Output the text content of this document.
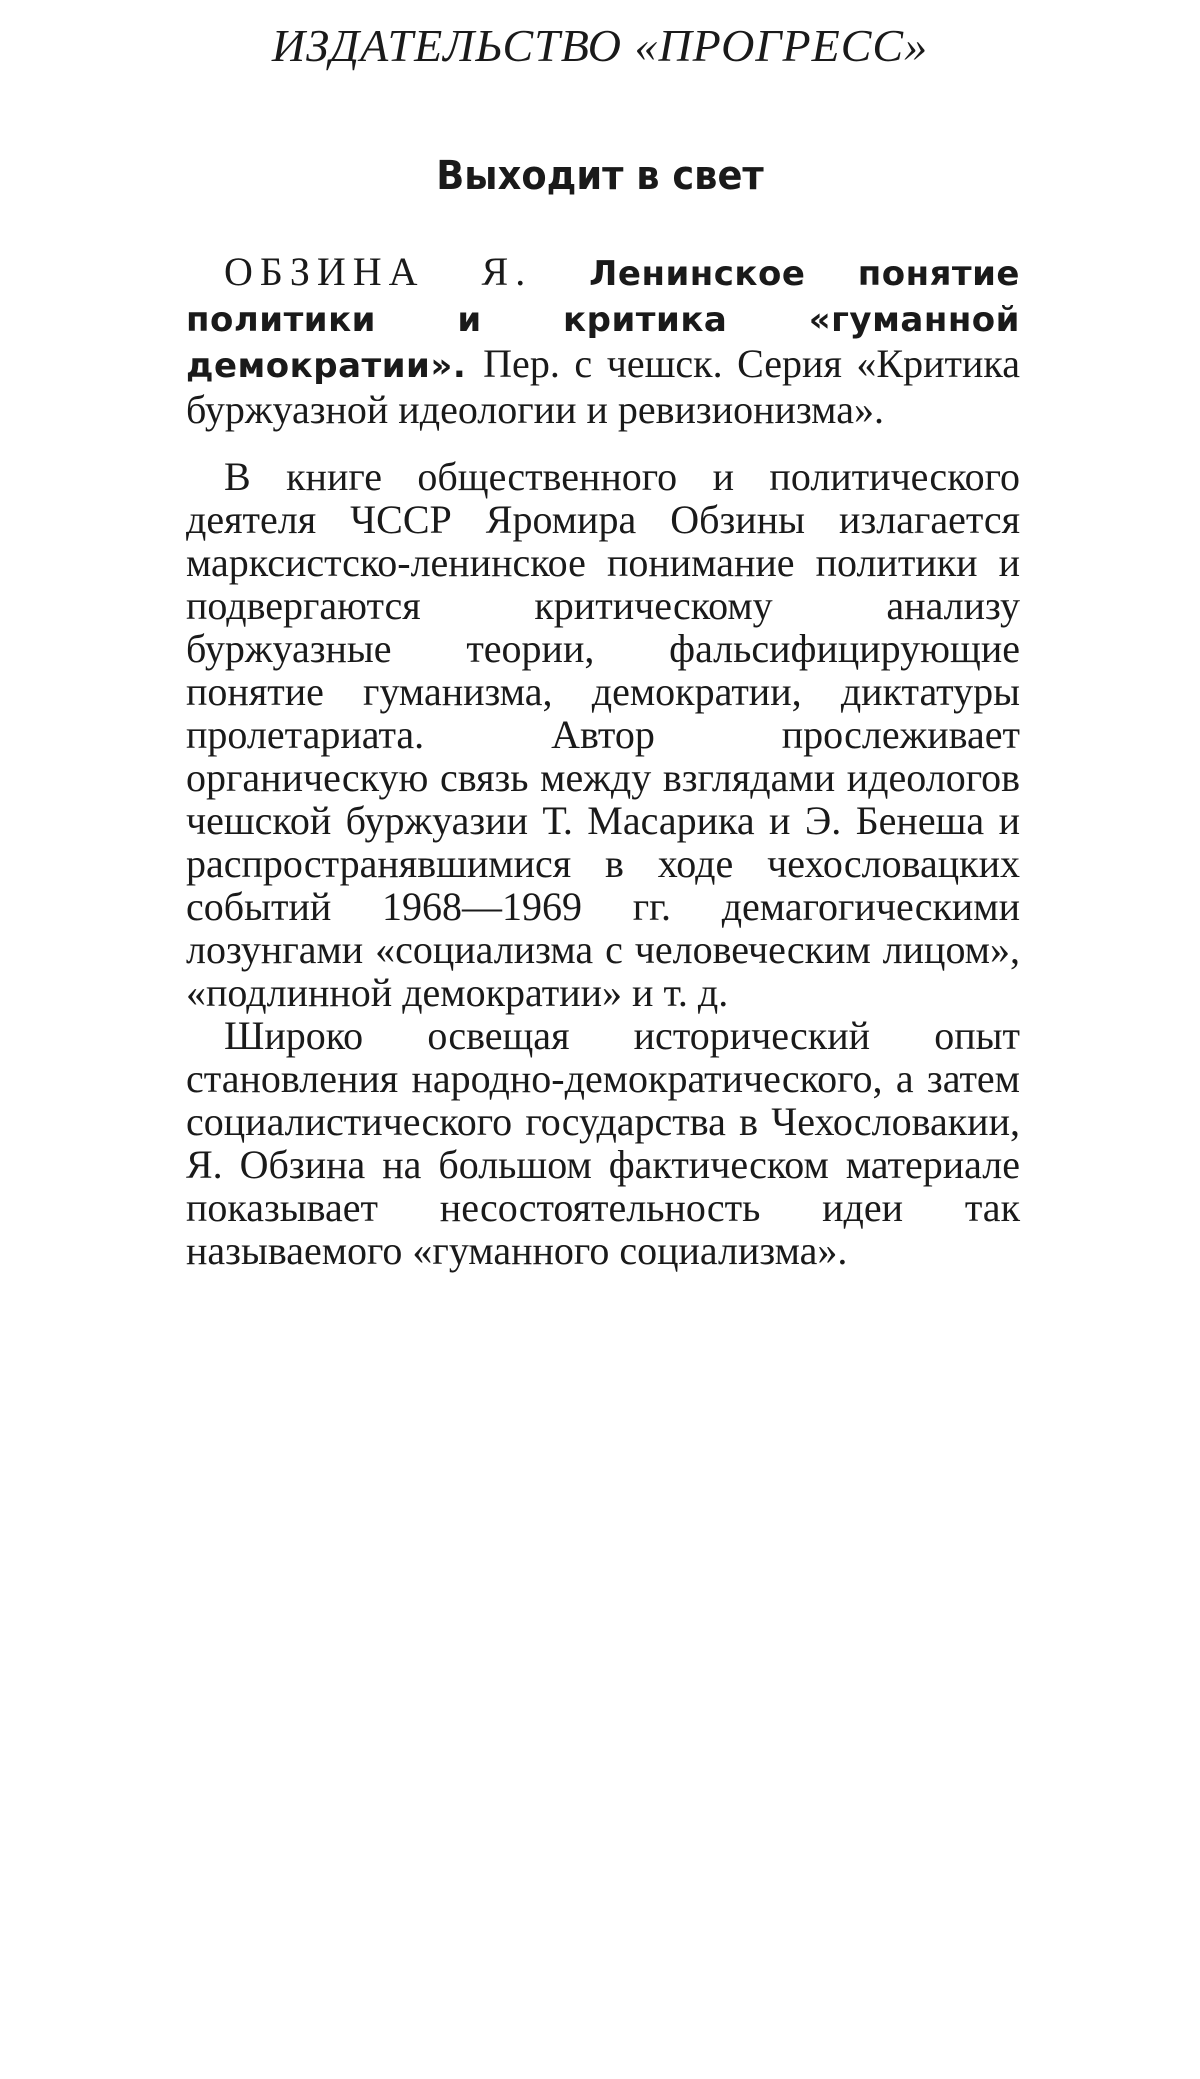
ИЗДАТЕЛЬСТВО «ПРОГРЕСС»
Выходит в свет
ОБЗИНА Я. Ленинское понятие политики и критика «гуманной демократии». Пер. с чешск. Серия «Критика буржуазной идеологии и ревизионизма».

В книге общественного и политического деятеля ЧССР Яромира Обзины излагается марксистско-ленинское понимание политики и подвергаются критическому анализу буржуазные теории, фальсифицирующие понятие гуманизма, демократии, диктатуры пролетариата. Автор прослеживает органическую связь между взглядами идеологов чешской буржуазии Т. Масарика и Э. Бенеша и распространявшимися в ходе чехословацких событий 1968—1969 гг. демагогическими лозунгами «социализма с человеческим лицом», «подлинной демократии» и т. д.

Широко освещая исторический опыт становления народно-демократического, а затем социалистического государства в Чехословакии, Я. Обзина на большом фактическом материале показывает несостоятельность идеи так называемого «гуманного социализма».
